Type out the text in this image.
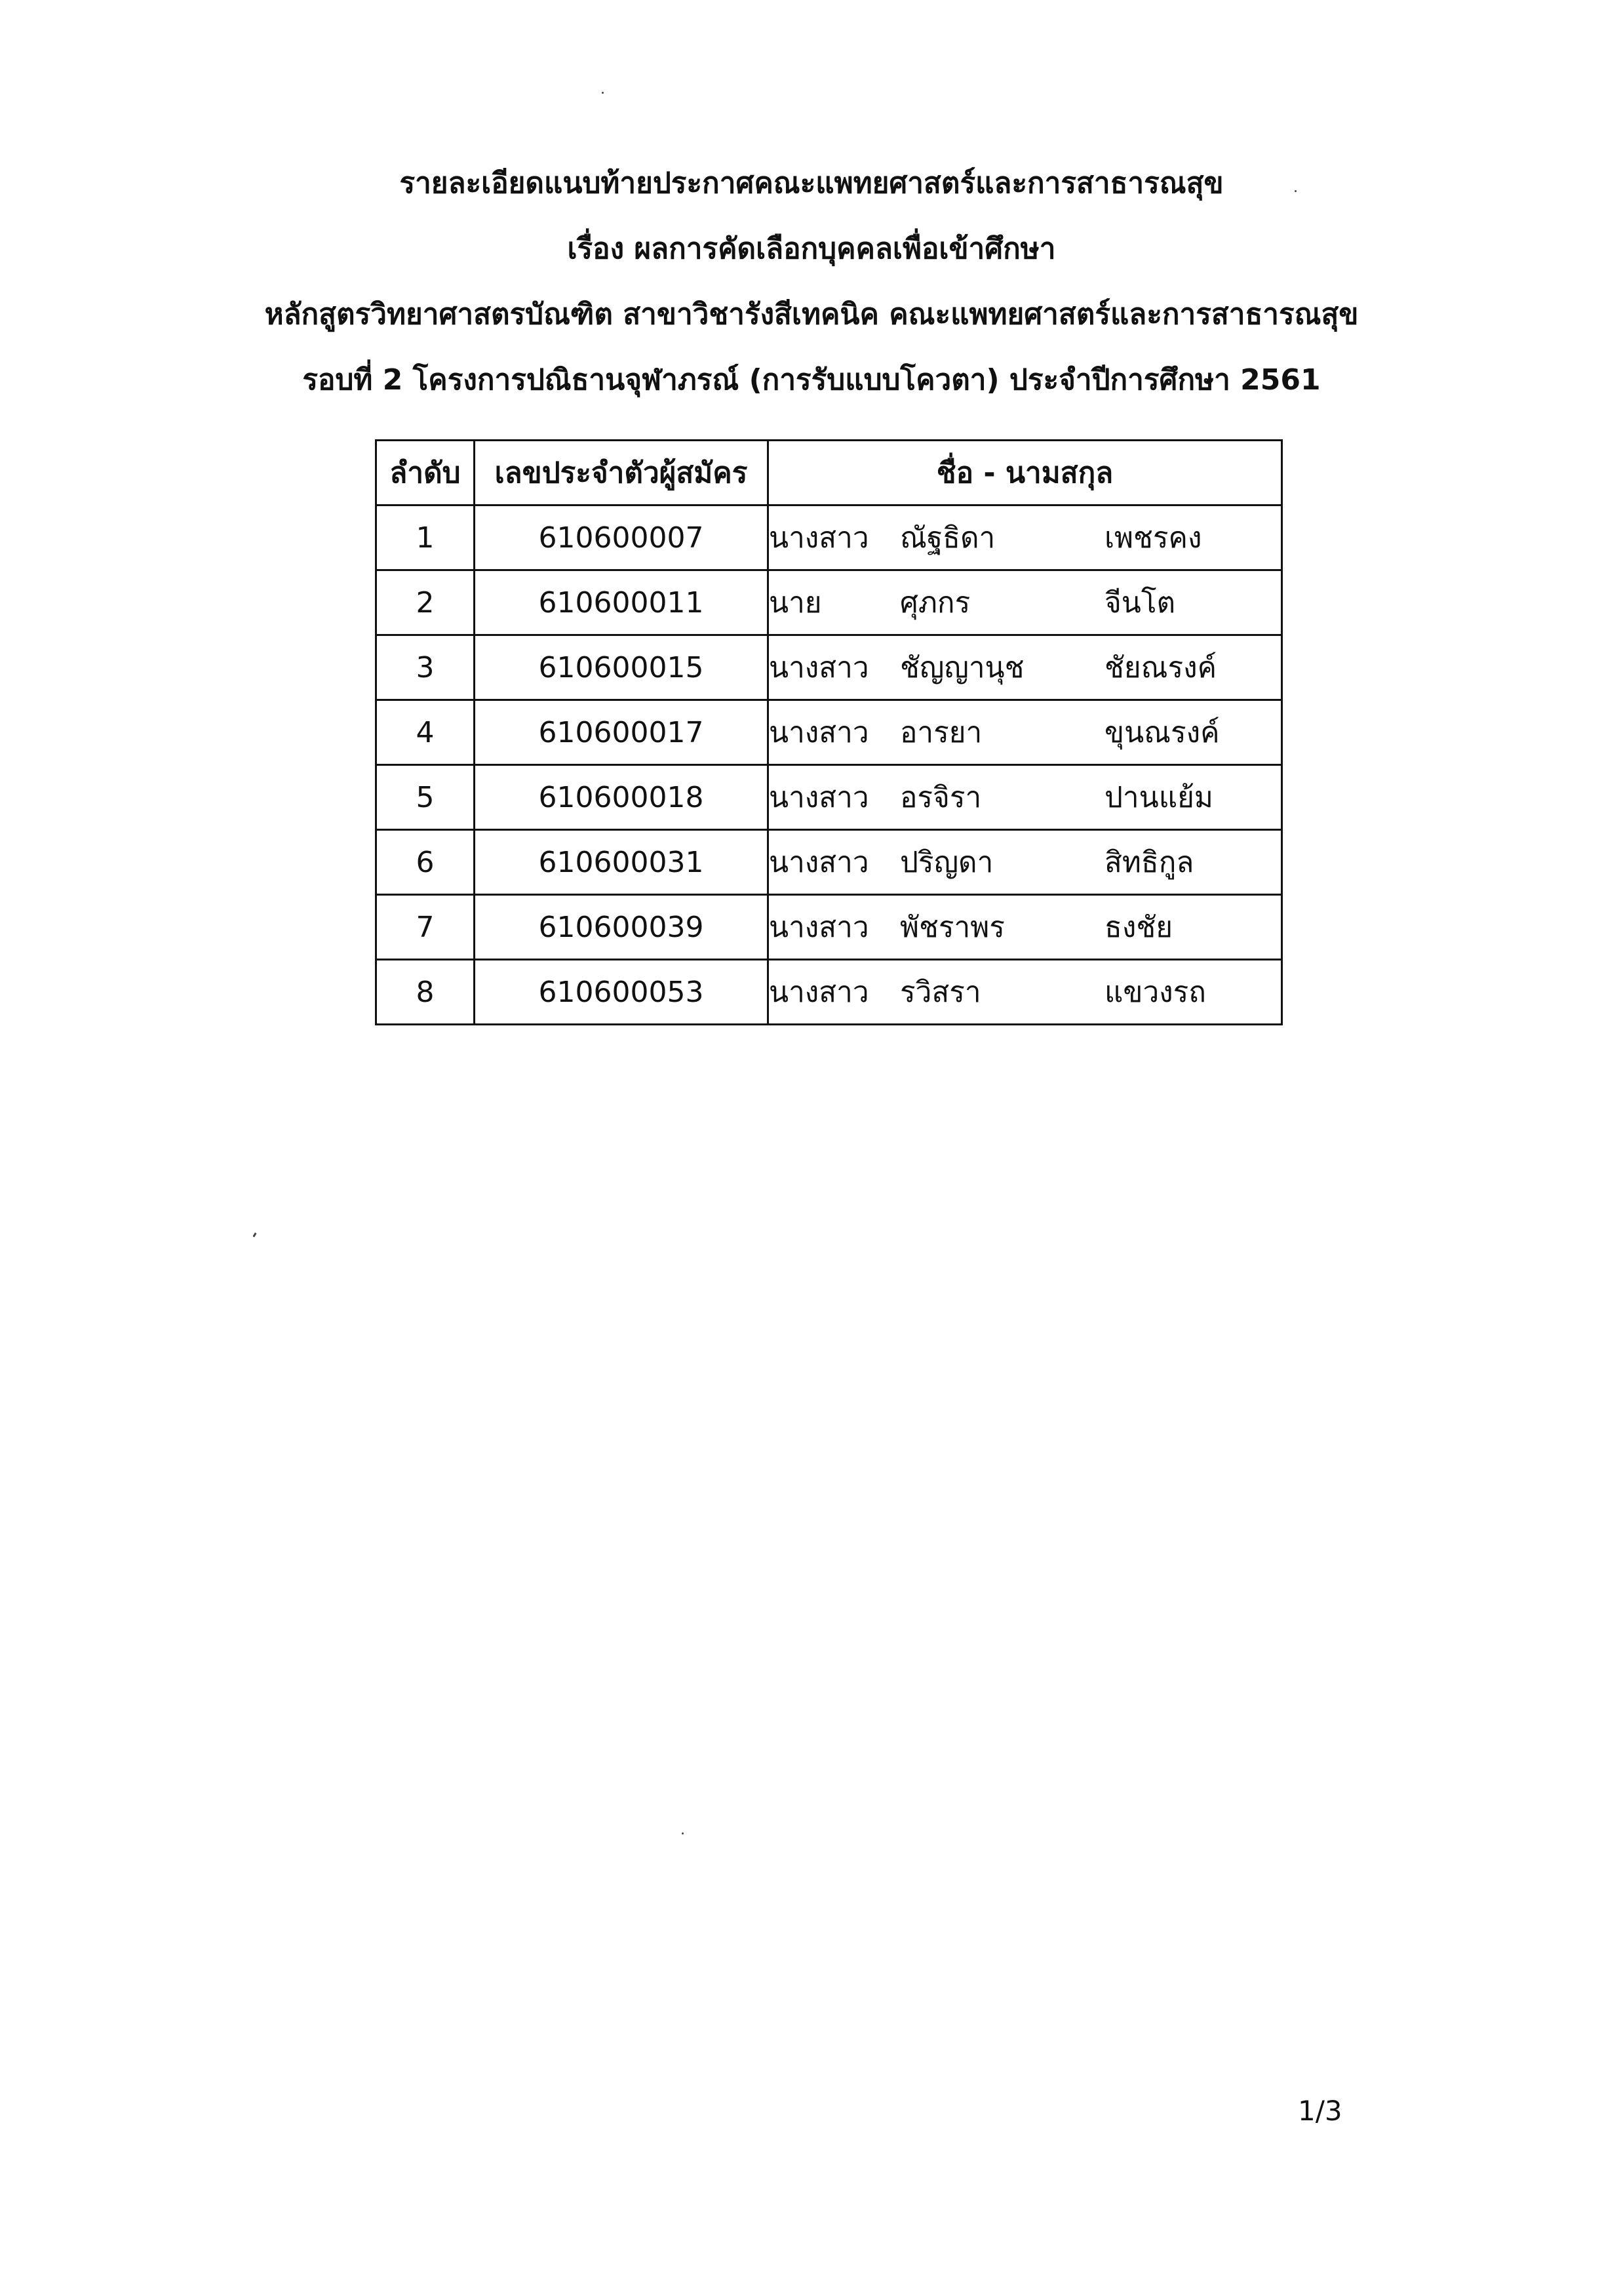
รายละเอียดแนบท้ายประกาศคณะแพทยศาสตร์และการสาธารณสุข
เรื่อง ผลการคัดเลือกบุคคลเพื่อเข้าศึกษา
หลักสูตรวิทยาศาสตรบัณฑิต สาขาวิชารังสีเทคนิค คณะแพทยศาสตร์และการสาธารณสุข
รอบที่ 2 โครงการปณิธานจุฬาภรณ์ (การรับแบบโควตา) ประจำปีการศึกษา 2561
ลำดับ	เลขประจำตัวผู้สมัคร	ชื่อ - นามสกุล
1	610600007	นางสาว ณัฐธิดา เพชรคง
2	610600011	นาย ศุภกร จีนโต
3	610600015	นางสาว ชัญญานุช ชัยณรงค์
4	610600017	นางสาว อารยา ขุนณรงค์
5	610600018	นางสาว อรจิรา ปานแย้ม
6	610600031	นางสาว ปริญดา สิทธิกูล
7	610600039	นางสาว พัชราพร ธงชัย
8	610600053	นางสาว รวิสรา แขวงรถ
1/3
